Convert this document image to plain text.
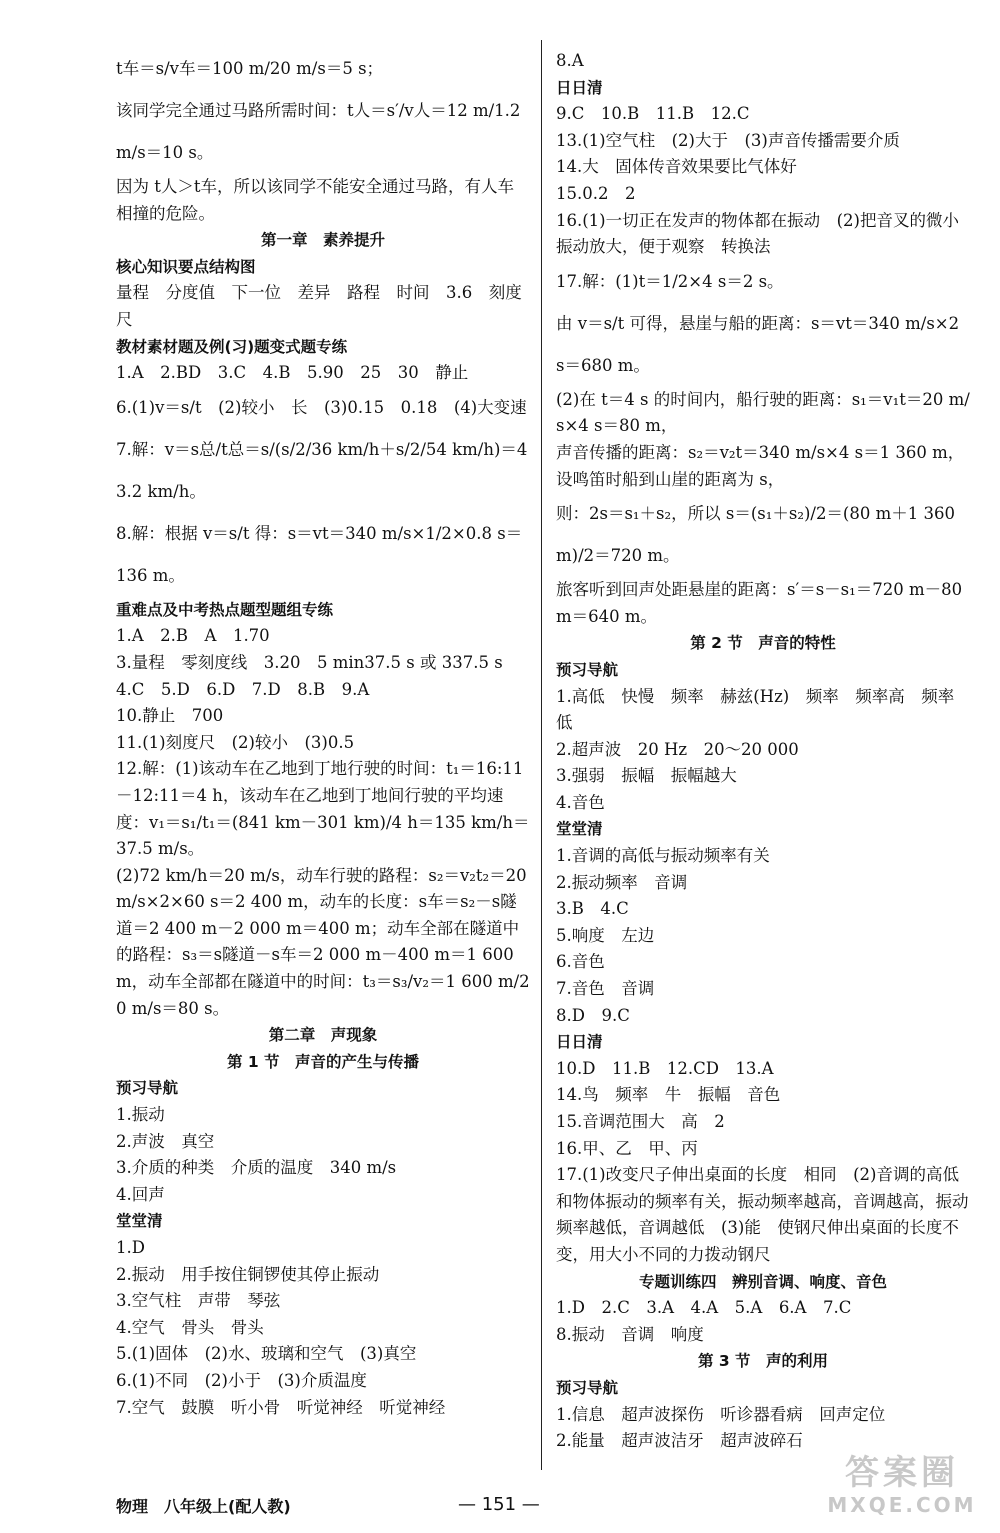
t车＝s/v车＝100 m/20 m/s＝5 s；
该同学完全通过马路所需时间：t人＝s′/v人＝12 m/1.2 m/s＝10 s。
因为 t人＞t车，所以该同学不能安全通过马路，有人车相撞的危险。
第一章　素养提升
核心知识要点结构图
量程　分度值　下一位　差异　路程　时间　3.6　刻度尺
教材素材题及例(习)题变式题专练
1.A　2.BD　3.C　4.B　5.90　25　30　静止
6.(1)v＝s/t　(2)较小　长　(3)0.15　0.18　(4)大变速
7.解：v＝s总/t总＝s/(s/2/36 km/h＋s/2/54 km/h)＝43.2 km/h。
8.解：根据 v＝s/t 得：s＝vt＝340 m/s×1/2×0.8 s＝136 m。
重难点及中考热点题型题组专练
1.A　2.B　A　1.70
3.量程　零刻度线　3.20　5 min37.5 s 或 337.5 s
4.C　5.D　6.D　7.D　8.B　9.A
10.静止　700
11.(1)刻度尺　(2)较小　(3)0.5
12.解：(1)该动车在乙地到丁地行驶的时间：t₁＝16:11－12:11＝4 h，该动车在乙地到丁地间行驶的平均速度：v₁＝s₁/t₁＝(841 km－301 km)/4 h＝135 km/h＝37.5 m/s。
(2)72 km/h＝20 m/s，动车行驶的路程：s₂＝v₂t₂＝20 m/s×2×60 s＝2 400 m，动车的长度：s车＝s₂－s隧道＝2 400 m－2 000 m＝400 m；动车全部在隧道中的路程：s₃＝s隧道－s车＝2 000 m－400 m＝1 600 m，动车全部都在隧道中的时间：t₃＝s₃/v₂＝1 600 m/20 m/s＝80 s。
第二章　声现象
第 1 节　声音的产生与传播
预习导航
1.振动
2.声波　真空
3.介质的种类　介质的温度　340 m/s
4.回声
堂堂清
1.D
2.振动　用手按住铜锣使其停止振动
3.空气柱　声带　琴弦
4.空气　骨头　骨头
5.(1)固体　(2)水、玻璃和空气　(3)真空
6.(1)不同　(2)小于　(3)介质温度
7.空气　鼓膜　听小骨　听觉神经　听觉神经
8.A
日日清
9.C　10.B　11.B　12.C
13.(1)空气柱　(2)大于　(3)声音传播需要介质
14.大　固体传音效果要比气体好
15.0.2　2
16.(1)一切正在发声的物体都在振动　(2)把音叉的微小振动放大，便于观察　转换法
17.解：(1)t＝1/2×4 s＝2 s。
由 v＝s/t 可得，悬崖与船的距离：s＝vt＝340 m/s×2 s＝680 m。
(2)在 t＝4 s 的时间内，船行驶的距离：s₁＝v₁t＝20 m/s×4 s＝80 m，
声音传播的距离：s₂＝v₂t＝340 m/s×4 s＝1 360 m，设鸣笛时船到山崖的距离为 s，
则：2s＝s₁＋s₂，所以 s＝(s₁＋s₂)/2＝(80 m＋1 360 m)/2＝720 m。
旅客听到回声处距悬崖的距离：s′＝s－s₁＝720 m－80 m＝640 m。
第 2 节　声音的特性
预习导航
1.高低　快慢　频率　赫兹(Hz)　频率　频率高　频率低
2.超声波　20 Hz　20～20 000
3.强弱　振幅　振幅越大
4.音色
堂堂清
1.音调的高低与振动频率有关
2.振动频率　音调
3.B　4.C
5.响度　左边
6.音色
7.音色　音调
8.D　9.C
日日清
10.D　11.B　12.CD　13.A
14.鸟　频率　牛　振幅　音色
15.音调范围大　高　2
16.甲、乙　甲、丙
17.(1)改变尺子伸出桌面的长度　相同　(2)音调的高低和物体振动的频率有关，振动频率越高，音调越高，振动频率越低，音调越低　(3)能　使钢尺伸出桌面的长度不变，用大小不同的力拨动钢尺
专题训练四　辨别音调、响度、音色
1.D　2.C　3.A　4.A　5.A　6.A　7.C
8.振动　音调　响度
第 3 节　声的利用
预习导航
1.信息　超声波探伤　听诊器看病　回声定位
2.能量　超声波洁牙　超声波碎石
物理　八年级上(配人教)	— 151 —
答案圈
MXQE.COM
